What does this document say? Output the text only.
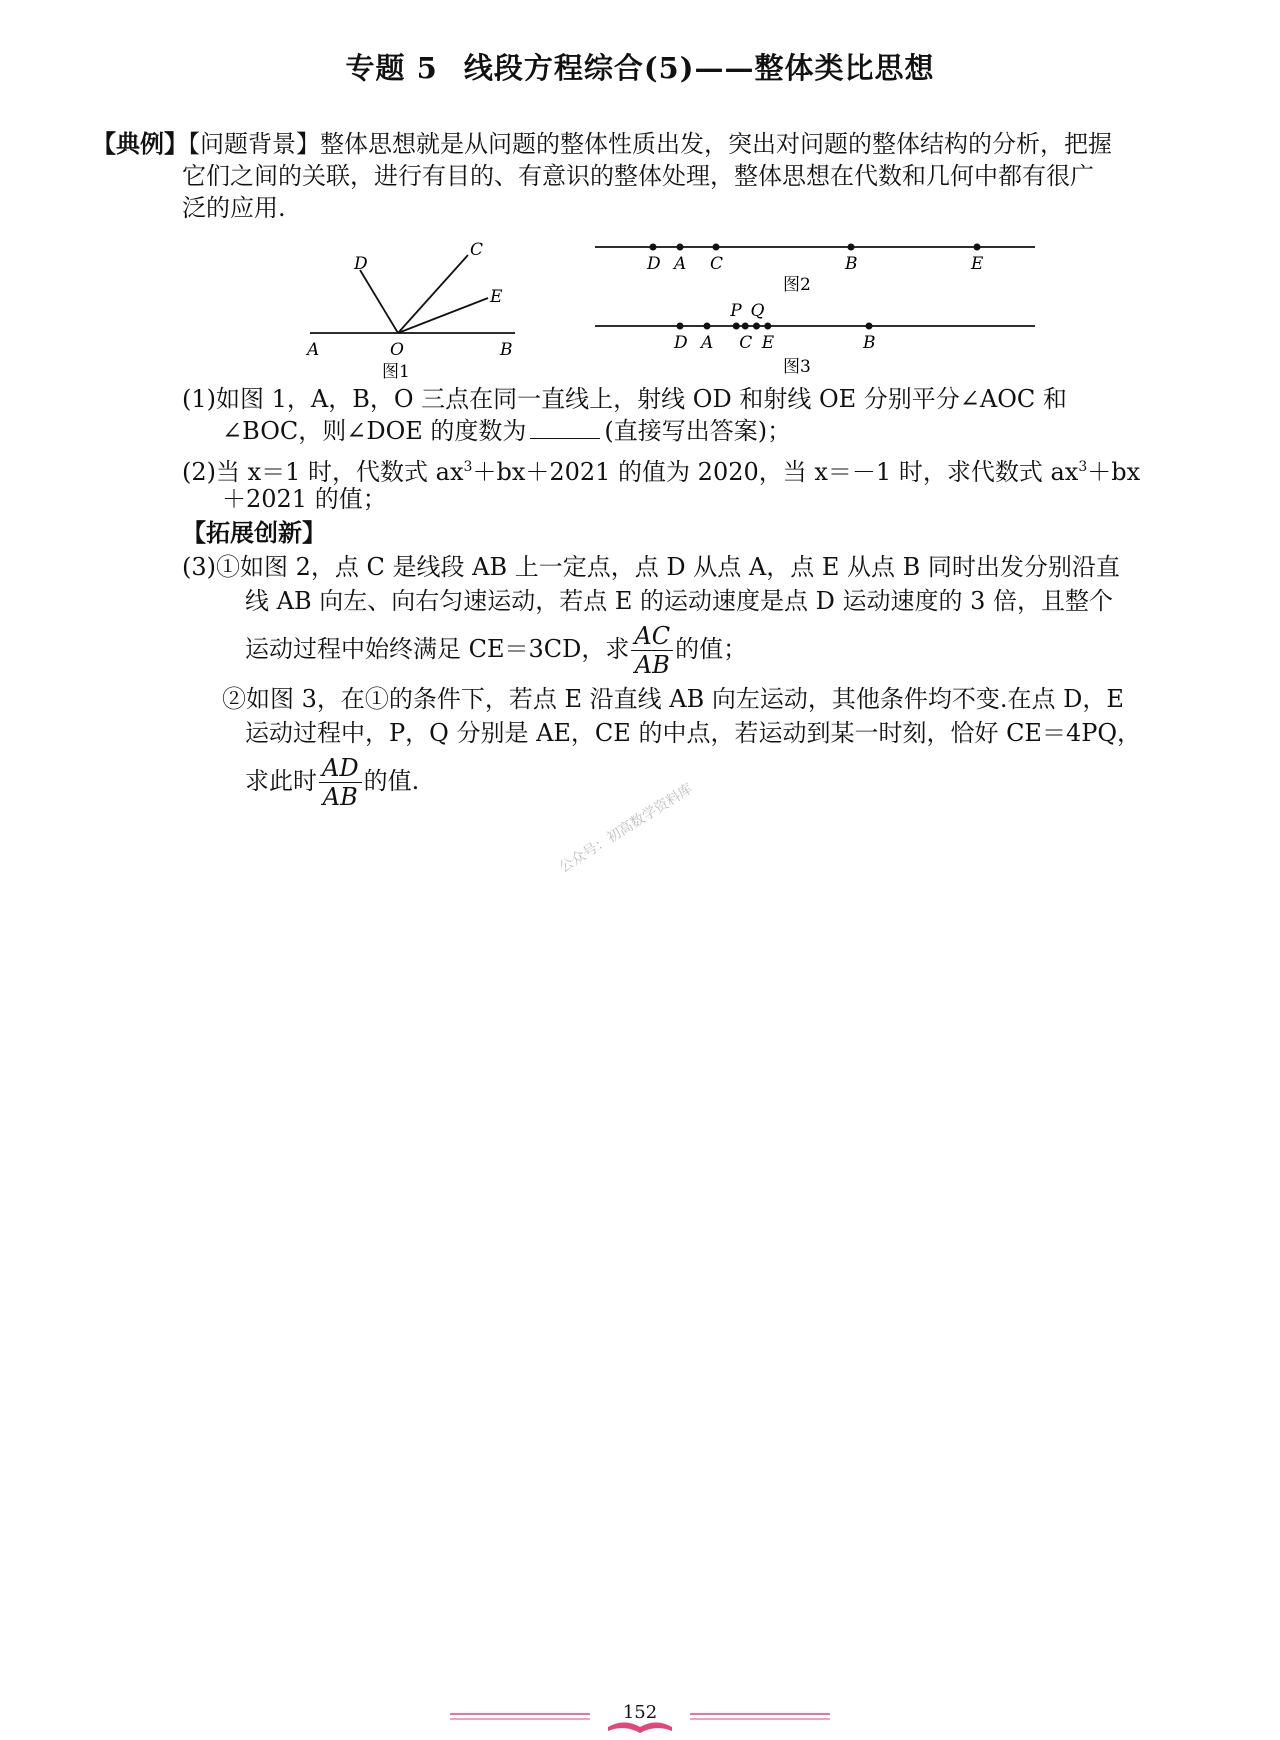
专题 5 线段方程综合(5)——整体类比思想
【典例】【问题背景】整体思想就是从问题的整体性质出发，突出对问题的整体结构的分析，把握
它们之间的关联，进行有目的、有意识的整体处理，整体思想在代数和几何中都有很广
泛的应用.
A	O	B
D
C
E
图1
D A C	B	E
图2
D A
P
C
Q
E	B
图3
(1)如图 1，A，B，O 三点在同一直线上，射线 OD 和射线 OE 分别平分∠AOC 和
∠BOC，则∠DOE 的度数为	(直接写出答案)；
(2)当 x＝1 时，代数式 $ax^3+bx+2021$ 的值为 2020，当 x＝－1 时，求代数式 $ax^3+bx$
＋2021 的值；
【拓展创新】
(3)①如图 2，点 C 是线段 AB 上一定点，点 D 从点 A，点 E 从点 B 同时出发分别沿直
线 AB 向左、向右匀速运动，若点 E 的运动速度是点 D 运动速度的 3 倍，且整个
运动过程中始终满足 CE＝3CD，求 $\frac{AC}{AB}$ 的值；
②如图 3，在①的条件下，若点 E 沿直线 AB 向左运动，其他条件均不变.在点 D，E
运动过程中，P，Q 分别是 AE，CE 的中点，若运动到某一时刻，恰好 CE＝4PQ，
求此时 $\frac{AD}{AB}$ 的值.	公众号：初高数学资料库
152
